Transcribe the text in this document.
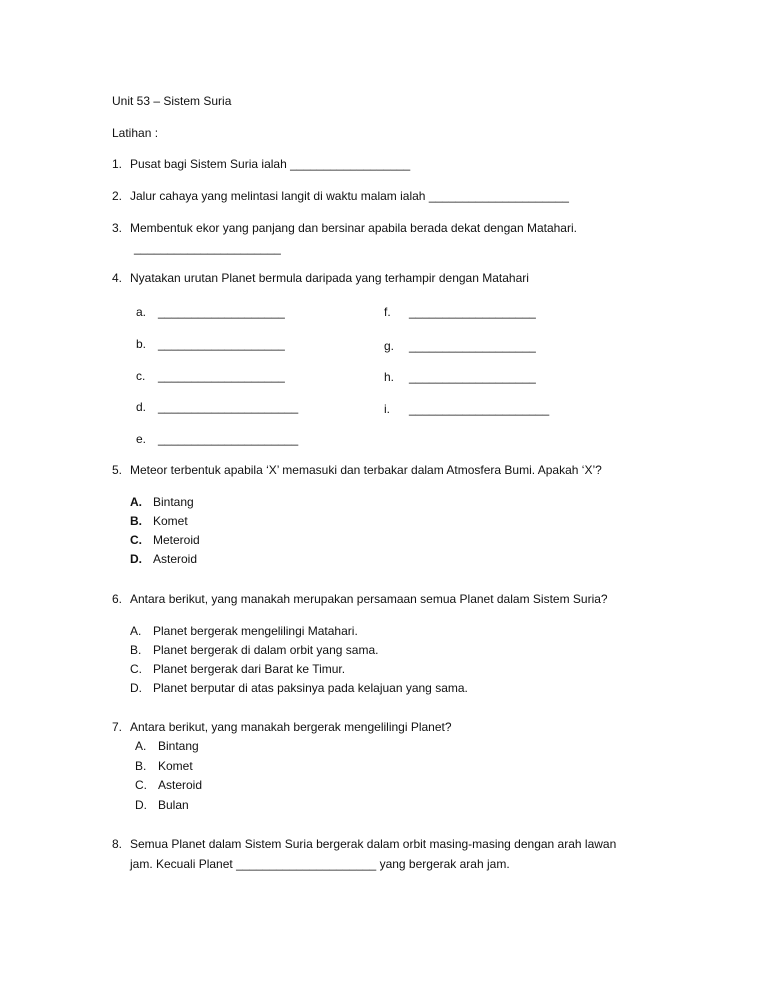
Unit 53 – Sistem Suria
Latihan :
1. Pusat bagi Sistem Suria ialah __________________
2. Jalur cahaya yang melintasi langit di waktu malam ialah _____________________
3. Membentuk ekor yang panjang dan bersinar apabila berada dekat dengan Matahari.
______________________
4. Nyatakan urutan Planet bermula daripada yang terhampir dengan Matahari
a. ___________________
b. ___________________
c. ___________________
d. _____________________
e. _____________________
f. ___________________
g. ___________________
h. ___________________
i. _____________________
5. Meteor terbentuk apabila ‘X’ memasuki dan terbakar dalam Atmosfera Bumi. Apakah ‘X’?
A. Bintang
B. Komet
C. Meteroid
D. Asteroid
6. Antara berikut, yang manakah merupakan persamaan semua Planet dalam Sistem Suria?
A. Planet bergerak mengelilingi Matahari.
B. Planet bergerak di dalam orbit yang sama.
C. Planet bergerak dari Barat ke Timur.
D. Planet berputar di atas paksinya pada kelajuan yang sama.
7. Antara berikut, yang manakah bergerak mengelilingi Planet?
A. Bintang
B. Komet
C. Asteroid
D. Bulan
8. Semua Planet dalam Sistem Suria bergerak dalam orbit masing-masing dengan arah lawan
jam. Kecuali Planet _____________________ yang bergerak arah jam.
